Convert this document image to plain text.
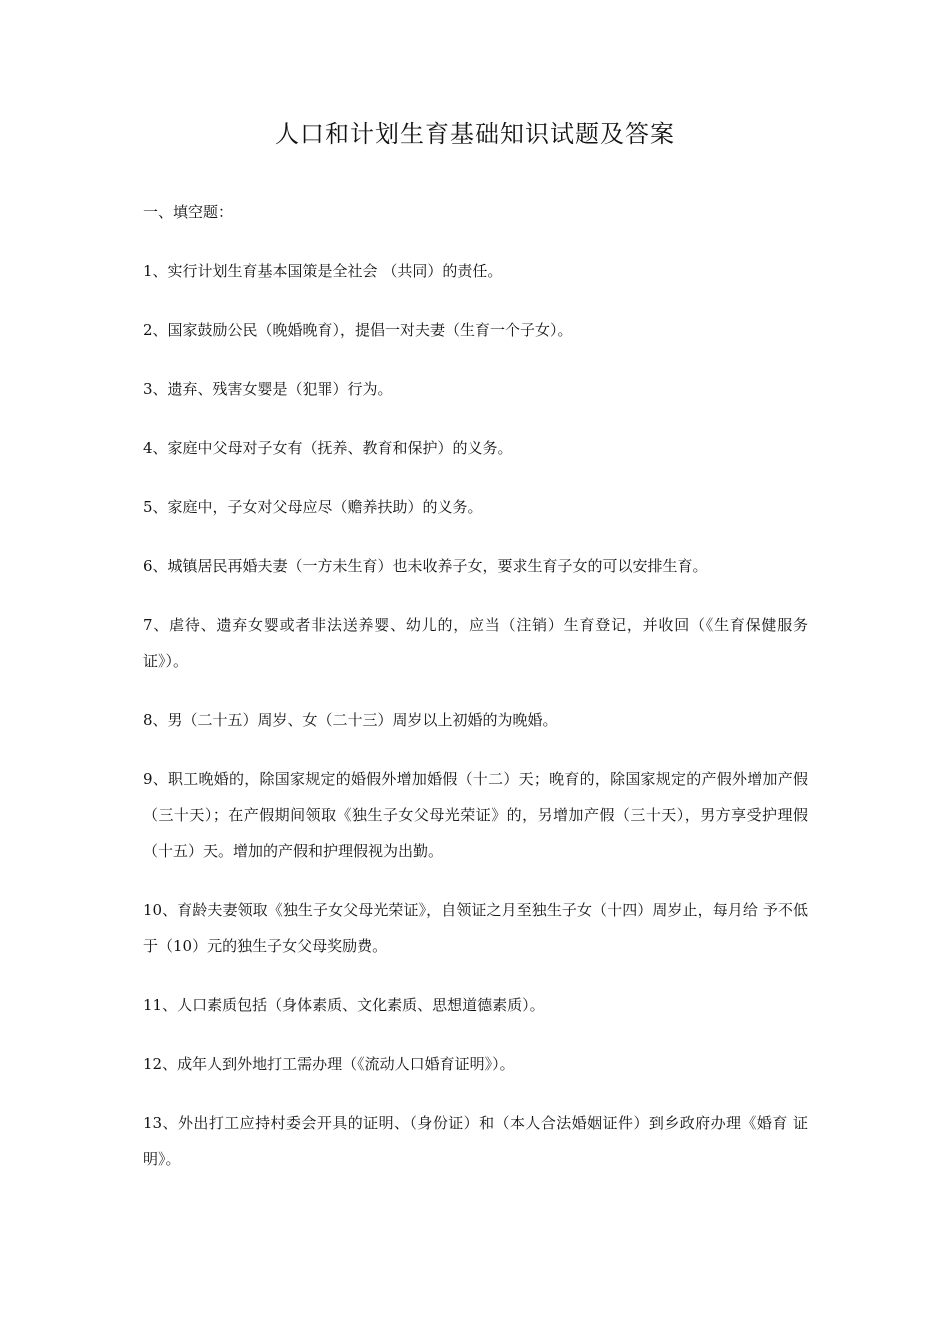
人口和计划生育基础知识试题及答案

一、填空题：

1、实行计划生育基本国策是全社会 （共同）的责任。

2、国家鼓励公民（晚婚晚育），提倡一对夫妻（生育一个子女）。

3、遗弃、残害女婴是（犯罪）行为。

4、家庭中父母对子女有（抚养、教育和保护）的义务。

5、家庭中，子女对父母应尽（赡养扶助）的义务。

6、城镇居民再婚夫妻（一方未生育）也未收养子女，要求生育子女的可以安排生育。

7、虐待、遗弃女婴或者非法送养婴、幼儿的，应当（注销）生育登记，并收回（《生育保健服务证》）。

8、男（二十五）周岁、女（二十三）周岁以上初婚的为晚婚。

9、职工晚婚的，除国家规定的婚假外增加婚假（十二）天；晚育的，除国家规定的产假外增加产假（三十天）；在产假期间领取《独生子女父母光荣证》的，另增加产假（三十天），男方享受护理假（十五）天。增加的产假和护理假视为出勤。

10、育龄夫妻领取《独生子女父母光荣证》，自领证之月至独生子女（十四）周岁止，每月给 予不低于（10）元的独生子女父母奖励费。

11、人口素质包括（身体素质、文化素质、思想道德素质）。

12、成年人到外地打工需办理（《流动人口婚育证明》）。

13、外出打工应持村委会开具的证明、（身份证）和（本人合法婚姻证件）到乡政府办理《婚育 证明》。
